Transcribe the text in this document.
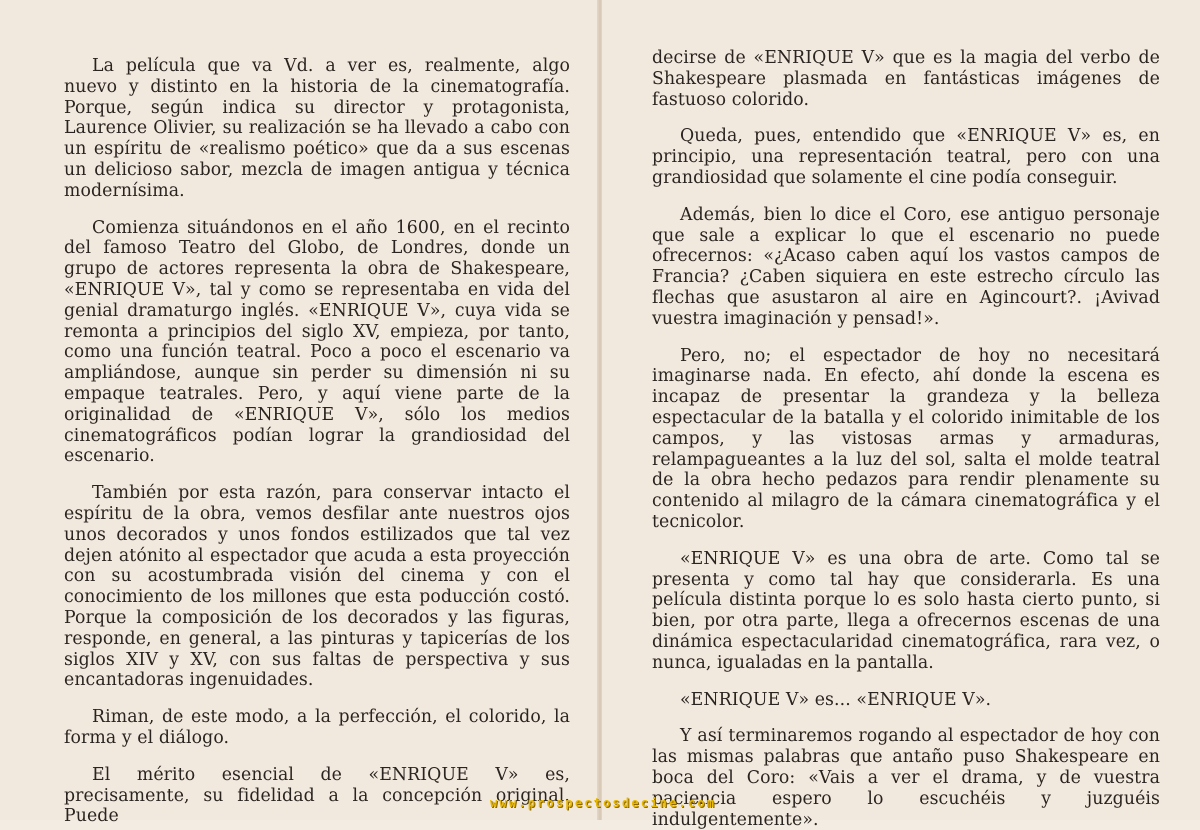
La película que va Vd. a ver es, realmente, algo nuevo y distinto en la historia de la cinematografía. Porque, según indica su director y protagonista, Laurence Olivier, su realización se ha llevado a cabo con un espíritu de «realismo poético» que da a sus escenas un delicioso sabor, mezcla de imagen antigua y técnica modernísima.

Comienza situándonos en el año 1600, en el recinto del famoso Teatro del Globo, de Londres, donde un grupo de actores representa la obra de Shakespeare, «ENRIQUE V», tal y como se representaba en vida del genial dramaturgo inglés. «ENRIQUE V», cuya vida se remonta a principios del siglo XV, empieza, por tanto, como una función teatral. Poco a poco el escenario va ampliándose, aunque sin perder su dimensión ni su empaque teatrales. Pero, y aquí viene parte de la originalidad de «ENRIQUE V», sólo los medios cinematográficos podían lograr la grandiosidad del escenario.

También por esta razón, para conservar intacto el espíritu de la obra, vemos desfilar ante nuestros ojos unos decorados y unos fondos estilizados que tal vez dejen atónito al espectador que acuda a esta proyección con su acostumbrada visión del cinema y con el conocimiento de los millones que esta poducción costó. Porque la composición de los decorados y las figuras, responde, en general, a las pinturas y tapicerías de los siglos XIV y XV, con sus faltas de perspectiva y sus encantadoras ingenuidades.

Riman, de este modo, a la perfección, el colorido, la forma y el diálogo.

El mérito esencial de «ENRIQUE V» es, precisamente, su fidelidad a la concepción original. Puede

decirse de «ENRIQUE V» que es la magia del verbo de Shakespeare plasmada en fantásticas imágenes de fastuoso colorido.

Queda, pues, entendido que «ENRIQUE V» es, en principio, una representación teatral, pero con una grandiosidad que solamente el cine podía conseguir.

Además, bien lo dice el Coro, ese antiguo personaje que sale a explicar lo que el escenario no puede ofrecernos: «¿Acaso caben aquí los vastos campos de Francia? ¿Caben siquiera en este estrecho círculo las flechas que asustaron al aire en Agincourt?. ¡Avivad vuestra imaginación y pensad!».

Pero, no; el espectador de hoy no necesitará imaginarse nada. En efecto, ahí donde la escena es incapaz de presentar la grandeza y la belleza espectacular de la batalla y el colorido inimitable de los campos, y las vistosas armas y armaduras, relampagueantes a la luz del sol, salta el molde teatral de la obra hecho pedazos para rendir plenamente su contenido al milagro de la cámara cinematográfica y el tecnicolor.

«ENRIQUE V» es una obra de arte. Como tal se presenta y como tal hay que considerarla. Es una película distinta porque lo es solo hasta cierto punto, si bien, por otra parte, llega a ofrecernos escenas de una dinámica espectacularidad cinematográfica, rara vez, o nunca, igualadas en la pantalla.

«ENRIQUE V» es... «ENRIQUE V».

Y así terminaremos rogando al espectador de hoy con las mismas palabras que antaño puso Shakespeare en boca del Coro: «Vais a ver el drama, y de vuestra paciencia espero lo escuchéis y juzguéis indulgentemente».

www.prospectosdecine.com
